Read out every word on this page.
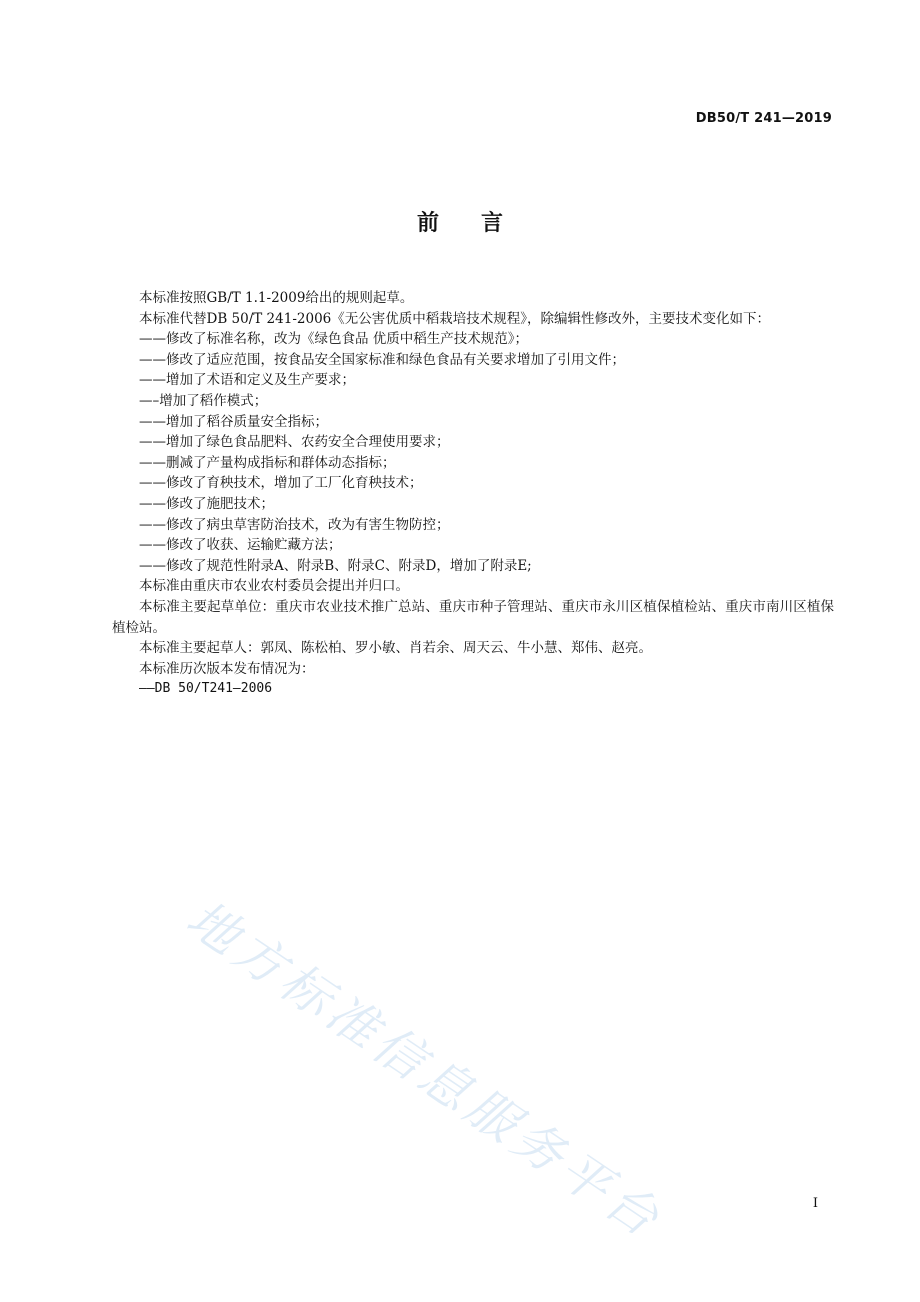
DB50/T 241—2019
前 言

本标准按照GB/T 1.1-2009给出的规则起草。

本标准代替DB 50/T 241-2006《无公害优质中稻栽培技术规程》，除编辑性修改外，主要技术变化如下：

——修改了标准名称，改为《绿色食品 优质中稻生产技术规范》；

——修改了适应范围，按食品安全国家标准和绿色食品有关要求增加了引用文件；

——增加了术语和定义及生产要求；

—–增加了稻作模式；

——增加了稻谷质量安全指标；

——增加了绿色食品肥料、农药安全合理使用要求；

——删减了产量构成指标和群体动态指标；

——修改了育秧技术，增加了工厂化育秧技术；

——修改了施肥技术；

——修改了病虫草害防治技术，改为有害生物防控；

——修改了收获、运输贮藏方法；

——修改了规范性附录A、附录B、附录C、附录D，增加了附录E;

本标准由重庆市农业农村委员会提出并归口。

本标准主要起草单位：重庆市农业技术推广总站、重庆市种子管理站、重庆市永川区植保植检站、重庆市南川区植保植检站。

本标准主要起草人：郭凤、陈松柏、罗小敏、肖若余、周天云、牛小慧、郑伟、赵亮。

本标准历次版本发布情况为：

——DB 50/T241—2006

地方标准信息服务平台	I
